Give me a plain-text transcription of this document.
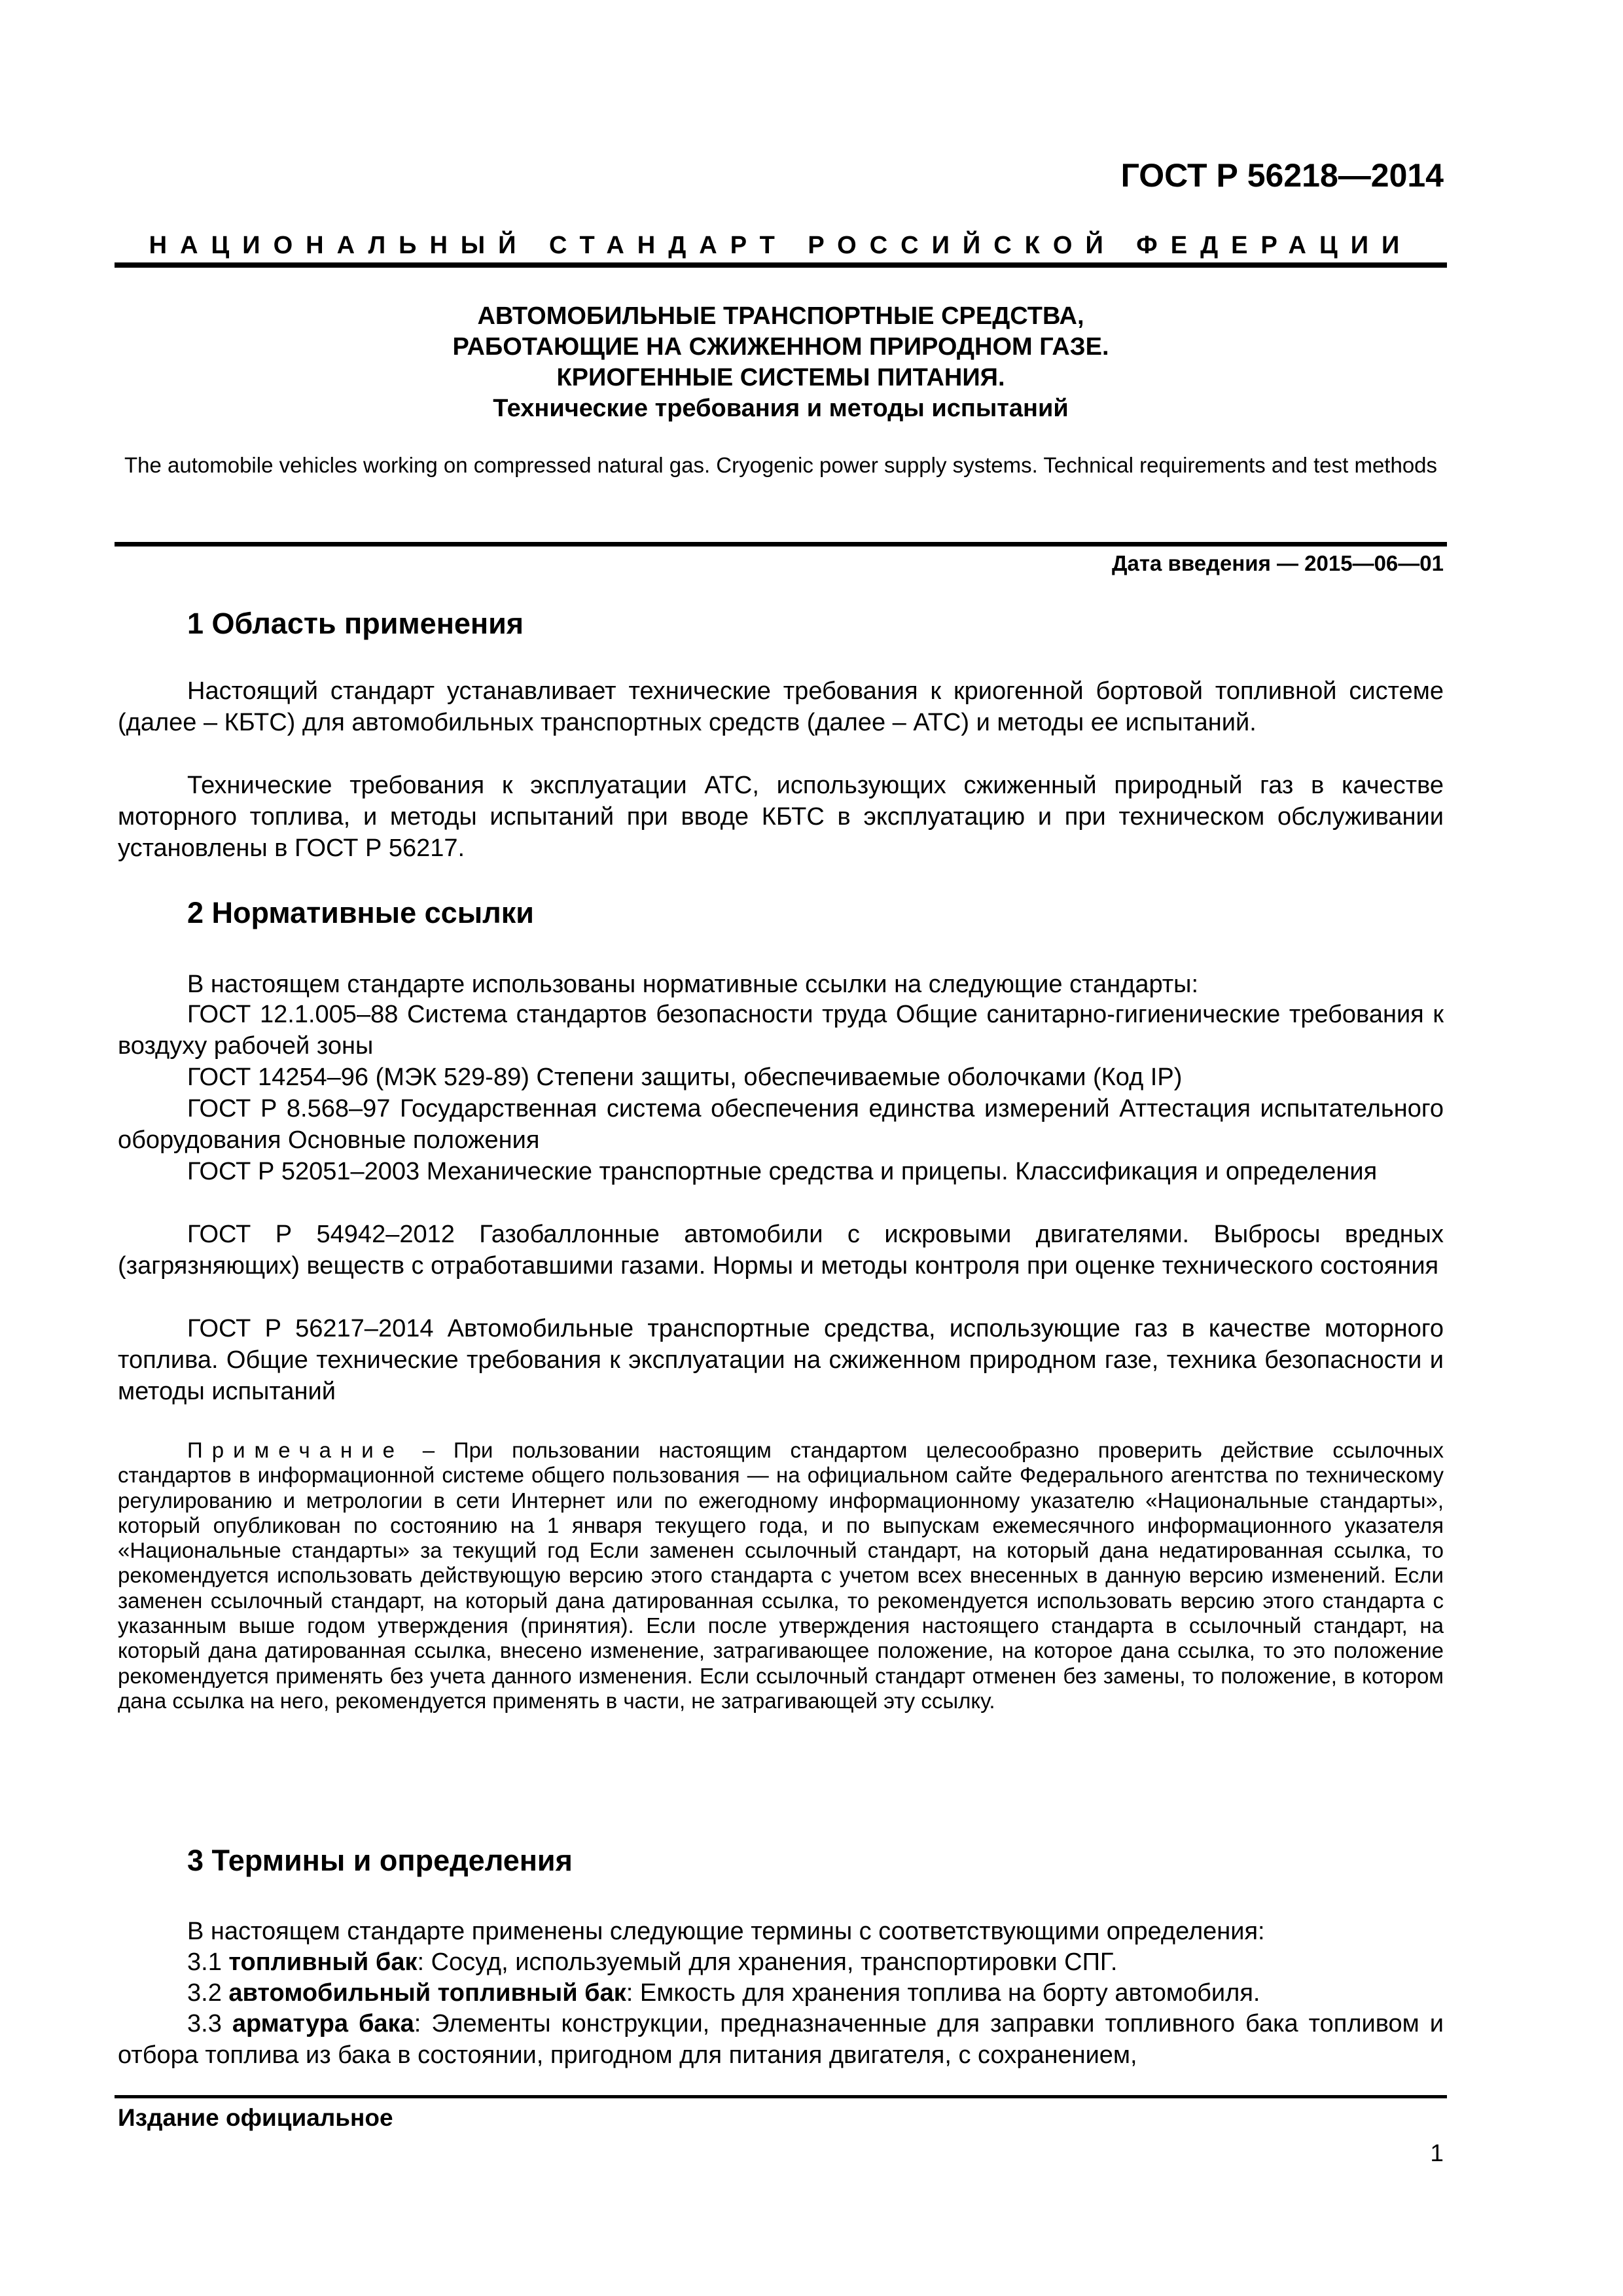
ГОСТ Р 56218—2014
НАЦИОНАЛЬНЫЙ СТАНДАРТ РОССИЙСКОЙ ФЕДЕРАЦИИ
АВТОМОБИЛЬНЫЕ ТРАНСПОРТНЫЕ СРЕДСТВА,
РАБОТАЮЩИЕ НА СЖИЖЕННОМ ПРИРОДНОМ ГАЗЕ.
КРИОГЕННЫЕ СИСТЕМЫ ПИТАНИЯ.
Технические требования и методы испытаний
The automobile vehicles working on compressed natural gas. Cryogenic power supply systems. Technical requirements and test methods
Дата введения — 2015—06—01
1 Область применения
Настоящий стандарт устанавливает технические требования к криогенной бортовой топливной системе (далее – КБТС) для автомобильных транспортных средств (далее – АТС) и методы ее испытаний.
Технические требования к эксплуатации АТС, использующих сжиженный природный газ в качестве моторного топлива, и методы испытаний при вводе КБТС в эксплуатацию и при техническом обслуживании установлены в ГОСТ Р 56217.
2 Нормативные ссылки
В настоящем стандарте использованы нормативные ссылки на следующие стандарты:
ГОСТ 12.1.005–88 Система стандартов безопасности труда Общие санитарно-гигиенические требования к воздуху рабочей зоны
ГОСТ 14254–96 (МЭК 529-89) Степени защиты, обеспечиваемые оболочками (Код IP)
ГОСТ Р 8.568–97 Государственная система обеспечения единства измерений Аттестация испытательного оборудования Основные положения
ГОСТ Р 52051–2003 Механические транспортные средства и прицепы. Классификация и определения
ГОСТ Р 54942–2012 Газобаллонные автомобили с искровыми двигателями. Выбросы вредных (загрязняющих) веществ с отработавшими газами. Нормы и методы контроля при оценке технического состояния
ГОСТ Р 56217–2014 Автомобильные транспортные средства, использующие газ в качестве моторного топлива. Общие технические требования к эксплуатации на сжиженном природном газе, техника безопасности и методы испытаний
Примечание – При пользовании настоящим стандартом целесообразно проверить действие ссылочных стандартов в информационной системе общего пользования — на официальном сайте Федерального агентства по техническому регулированию и метрологии в сети Интернет или по ежегодному информационному указателю «Национальные стандарты», который опубликован по состоянию на 1 января текущего года, и по выпускам ежемесячного информационного указателя «Национальные стандарты» за текущий год Если заменен ссылочный стандарт, на который дана недатированная ссылка, то рекомендуется использовать действующую версию этого стандарта с учетом всех внесенных в данную версию изменений. Если заменен ссылочный стандарт, на который дана датированная ссылка, то рекомендуется использовать версию этого стандарта с указанным выше годом утверждения (принятия). Если после утверждения настоящего стандарта в ссылочный стандарт, на который дана датированная ссылка, внесено изменение, затрагивающее положение, на которое дана ссылка, то это положение рекомендуется применять без учета данного изменения. Если ссылочный стандарт отменен без замены, то положение, в котором дана ссылка на него, рекомендуется применять в части, не затрагивающей эту ссылку.
3 Термины и определения
В настоящем стандарте применены следующие термины с соответствующими определения:
3.1 топливный бак: Сосуд, используемый для хранения, транспортировки СПГ.
3.2 автомобильный топливный бак: Емкость для хранения топлива на борту автомобиля.
3.3 арматура бака: Элементы конструкции, предназначенные для заправки топливного бака топливом и отбора топлива из бака в состоянии, пригодном для питания двигателя, с сохранением,
Издание официальное
1
